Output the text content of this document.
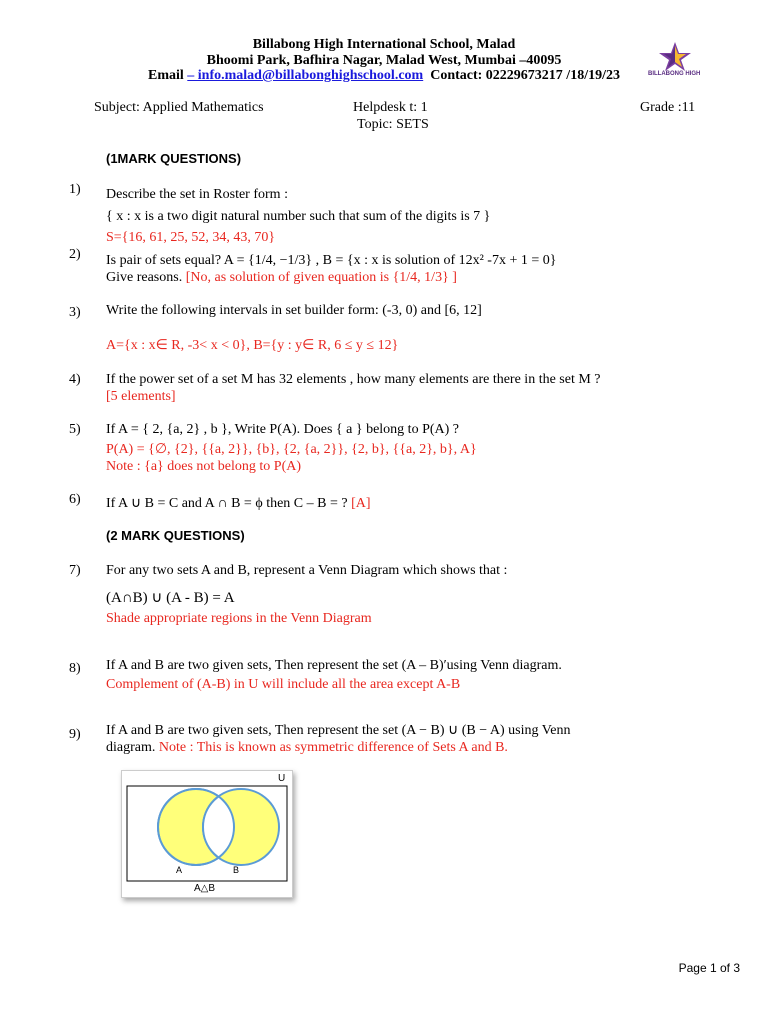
BILLABONG HIGH
Billabong High International School, Malad
Bhoomi Park, Bafhira Nagar, Malad West, Mumbai –40095
Email – info.malad@billabonghighschool.com Contact: 02229673217 /18/19/23
Subject: Applied Mathematics	Helpdesk t: 1	Grade :11
Topic: SETS
(1MARK QUESTIONS)
1) Describe the set in Roster form :
{ x : x is a two digit natural number such that sum of the digits is 7 }
S={16, 61, 25, 52, 34, 43, 70}
2) Is pair of sets equal? A = {1/4, −1/3} , B = {x : x is solution of 12x² -7x + 1 = 0}
Give reasons. [No, as solution of given equation is {1/4, 1/3} ]
3) Write the following intervals in set builder form: (-3, 0) and [6, 12]
A={x : x∈ R, -3< x < 0}, B={y : y∈ R, 6 ≤ y ≤ 12}
4) If the power set of a set M has 32 elements , how many elements are there in the set M ?
[5 elements]
5) If A = { 2, {a, 2} , b }, Write P(A). Does { a } belong to P(A) ?
P(A) = {∅, {2}, {{a, 2}}, {b}, {2, {a, 2}}, {2, b}, {{a, 2}, b}, A}
Note : {a} does not belong to P(A)
6) If A ∪ B = C and A ∩ B = ϕ then C – B = ? [A]
(2 MARK QUESTIONS)
7) For any two sets A and B, represent a Venn Diagram which shows that :
(A∩B) ∪ (A - B) = A
Shade appropriate regions in the Venn Diagram
8) If A and B are two given sets, Then represent the set (A – B)′using Venn diagram.
Complement of (A-B) in U will include all the area except A-B
9) If A and B are two given sets, Then represent the set (A − B) ∪ (B − A) using Venn
diagram. Note : This is known as symmetric difference of Sets A and B.
U
A	B
A△B
Page 1 of 3
